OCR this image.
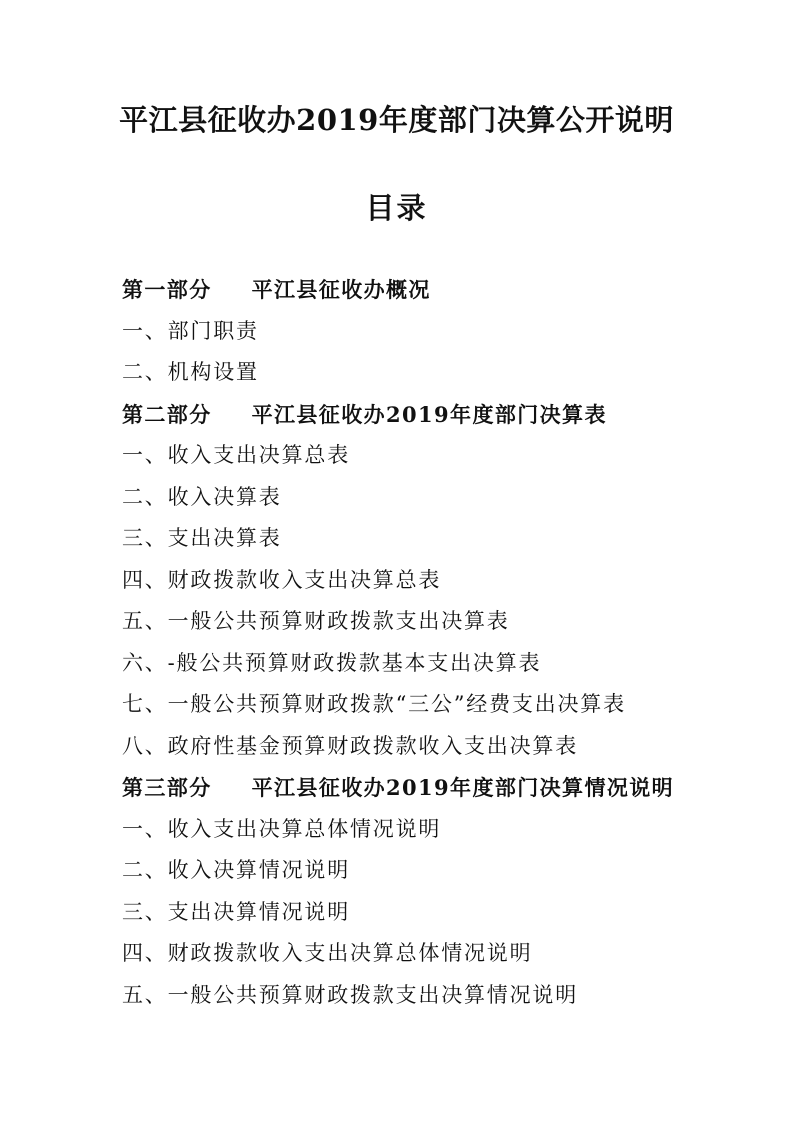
平江县征收办2019年度部门决算公开说明
目录
第一部分 平江县征收办概况
一、部门职责
二、机构设置
第二部分 平江县征收办2019年度部门决算表
一、收入支出决算总表
二、收入决算表
三、支出决算表
四、财政拨款收入支出决算总表
五、一般公共预算财政拨款支出决算表
六、-般公共预算财政拨款基本支出决算表
七、一般公共预算财政拨款“三公”经费支出决算表
八、政府性基金预算财政拨款收入支出决算表
第三部分 平江县征收办2019年度部门决算情况说明
一、收入支出决算总体情况说明
二、收入决算情况说明
三、支出决算情况说明
四、财政拨款收入支出决算总体情况说明
五、一般公共预算财政拨款支出决算情况说明
